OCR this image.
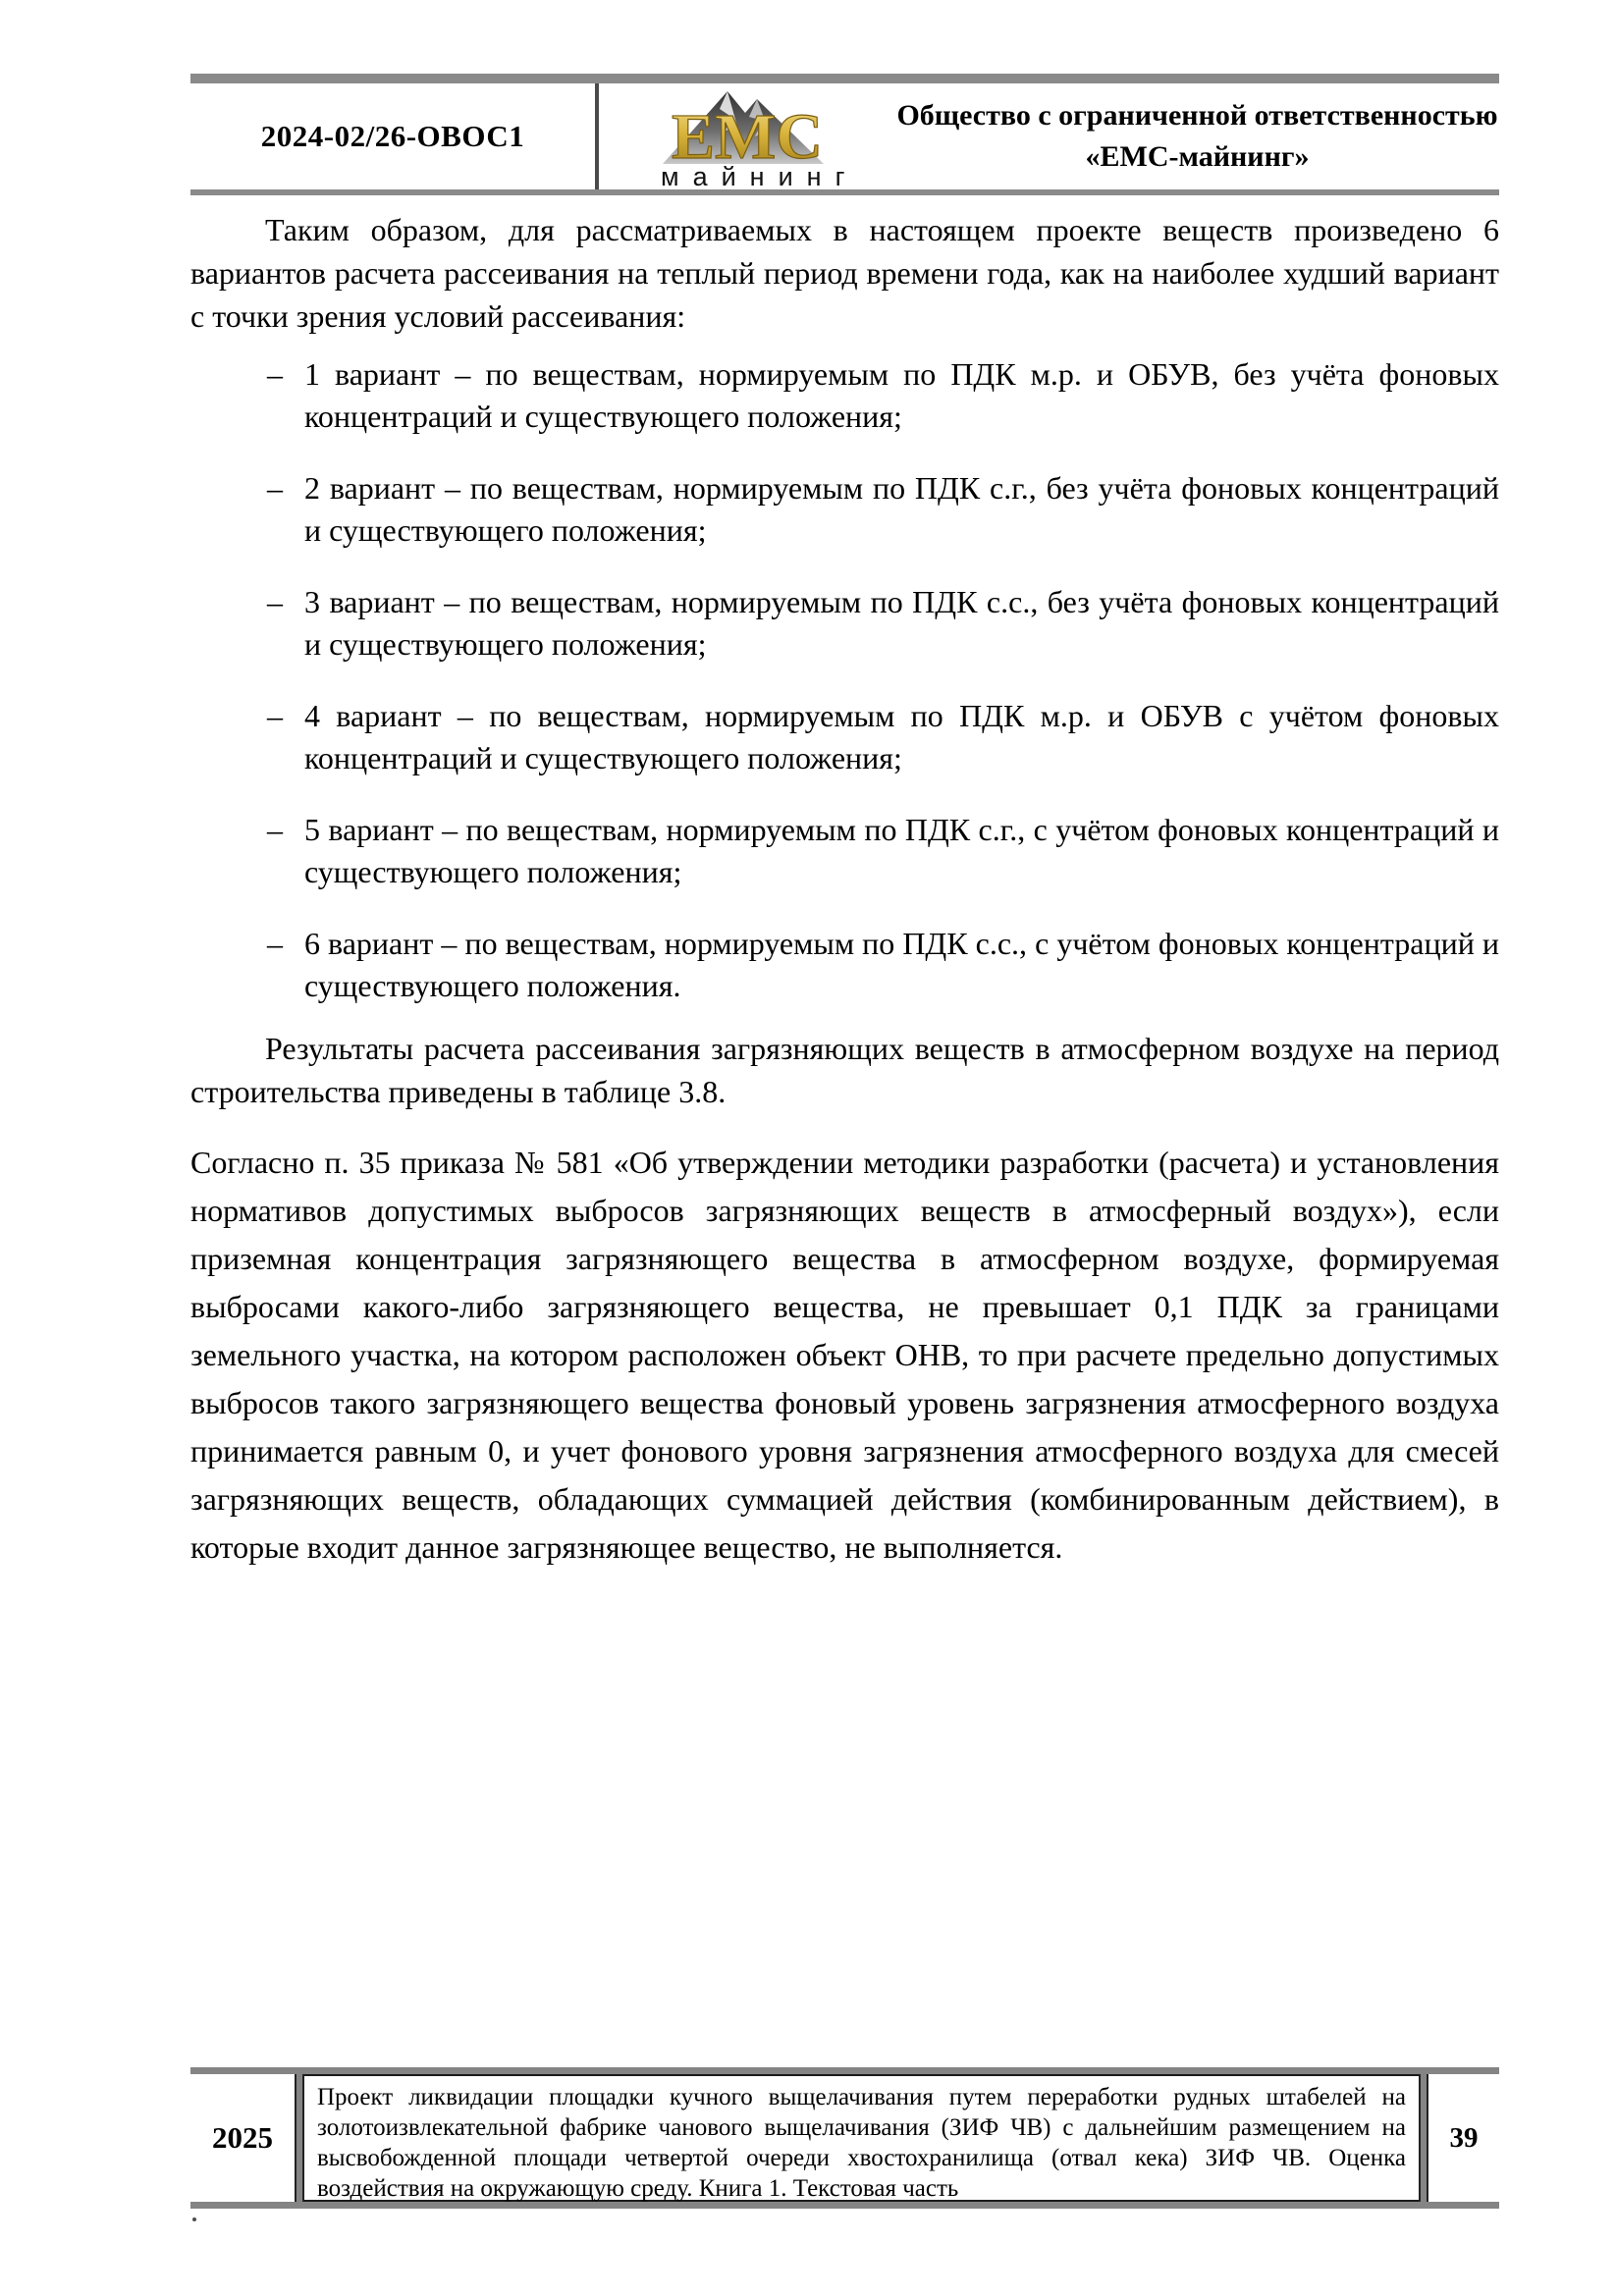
2024-02/26-ОВОС1	ЕМС
майнинг
Общество с ограниченной ответственностью
«ЕМС-майнинг»

Таким образом, для рассматриваемых в настоящем проекте веществ произведено 6 вариантов расчета рассеивания на теплый период времени года, как на наиболее худший вариант с точки зрения условий рассеивания:

– 1 вариант – по веществам, нормируемым по ПДК м.р. и ОБУВ, без учёта фоновых концентраций и существующего положения;
– 2 вариант – по веществам, нормируемым по ПДК с.г., без учёта фоновых концентраций и существующего положения;
– 3 вариант – по веществам, нормируемым по ПДК с.с., без учёта фоновых концентраций и существующего положения;
– 4 вариант – по веществам, нормируемым по ПДК м.р. и ОБУВ с учётом фоновых концентраций и существующего положения;
– 5 вариант – по веществам, нормируемым по ПДК с.г., с учётом фоновых концентраций и существующего положения;
– 6 вариант – по веществам, нормируемым по ПДК с.с., с учётом фоновых концентраций и существующего положения.

Результаты расчета рассеивания загрязняющих веществ в атмосферном воздухе на период строительства приведены в таблице 3.8.

Согласно п. 35 приказа № 581 «Об утверждении методики разработки (расчета) и установления нормативов допустимых выбросов загрязняющих веществ в атмосферный воздух»), если приземная концентрация загрязняющего вещества в атмосферном воздухе, формируемая выбросами какого-либо загрязняющего вещества, не превышает 0,1 ПДК за границами земельного участка, на котором расположен объект ОНВ, то при расчете предельно допустимых выбросов такого загрязняющего вещества фоновый уровень загрязнения атмосферного воздуха принимается равным 0, и учет фонового уровня загрязнения атмосферного воздуха для смесей загрязняющих веществ, обладающих суммацией действия (комбинированным действием), в которые входит данное загрязняющее вещество, не выполняется.

2025
Проект ликвидации площадки кучного выщелачивания путем переработки рудных штабелей на золотоизвлекательной фабрике чанового выщелачивания (ЗИФ ЧВ) с дальнейшим размещением на высвобожденной площади четвертой очереди хвостохранилища (отвал кека) ЗИФ ЧВ. Оценка воздействия на окружающую среду. Книга 1. Текстовая часть
39
